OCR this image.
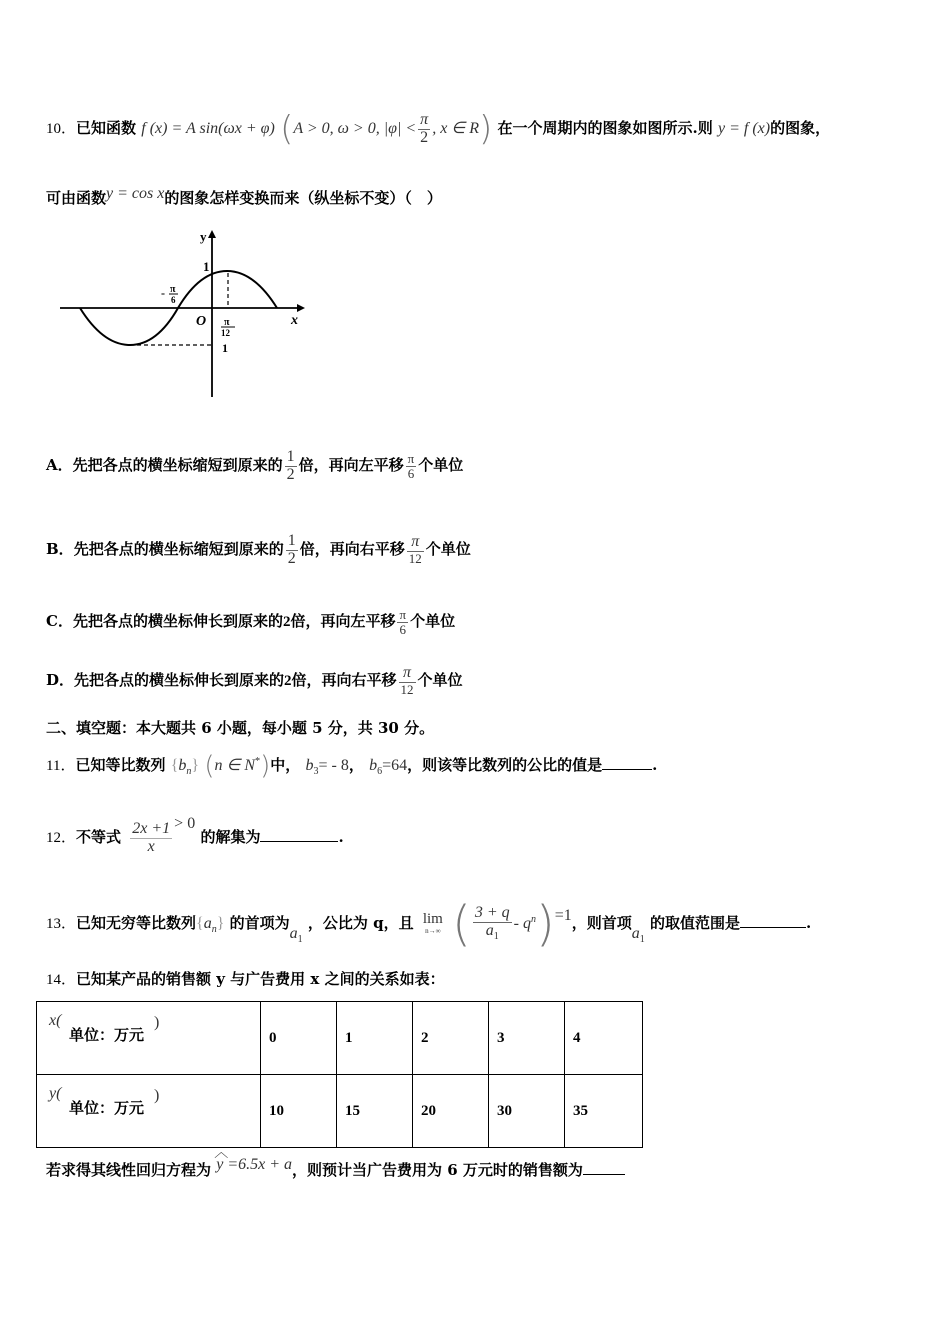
10．已知函数 f (x) = A sin(ωx + φ) (A > 0, ω > 0, $|\varphi| < \frac{\pi}{2}$ , x ∈ R) 在一个周期内的图象如图所示.则 y = f (x)的图象，
可由函数y = cos x的图象怎样变换而来（纵坐标不变）（　）
y
x
O
1
- π
6
π
12
1
A．先把各点的横坐标缩短到原来的 $\frac{1}{2}$ 倍，再向左平移 $\frac{\pi}{6}$ 个单位
B．先把各点的横坐标缩短到原来的 $\frac{1}{2}$ 倍，再向右平移 $\frac{\pi}{12}$ 个单位
C．先把各点的横坐标伸长到原来的2倍，再向左平移 $\frac{\pi}{6}$ 个单位
D．先把各点的横坐标伸长到原来的2倍，再向右平移 $\frac{\pi}{12}$ 个单位
二、填空题：本大题共 6 小题，每小题 5 分，共 30 分。
11．已知等比数列 $\{b_n\}$ (n ∈ N*)中， $b_3= - 8$， $b_6=64$，则该等比数列的公比的值是	.
12．不等式 $\frac{2x +1}{x} > 0$ 的解集为	.
13．已知无穷等比数列$\{a_n\}$ 的首项为$a_1$ ，公比为 q，且 lim
n→∞ ( $\frac{3 + q}{a_1} - q^n)=1$，则首项$a_1$ 的取值范围是	.
14．已知某产品的销售额 y 与广告费用 x 之间的关系如表：
x(
单位：万元
)	0	1	2	3	4

y(
单位：万元
)	10	15	20	30	35
若求得其线性回归方程为
︿
y =6.5x + a，则预计当广告费用为 6 万元时的销售额为
